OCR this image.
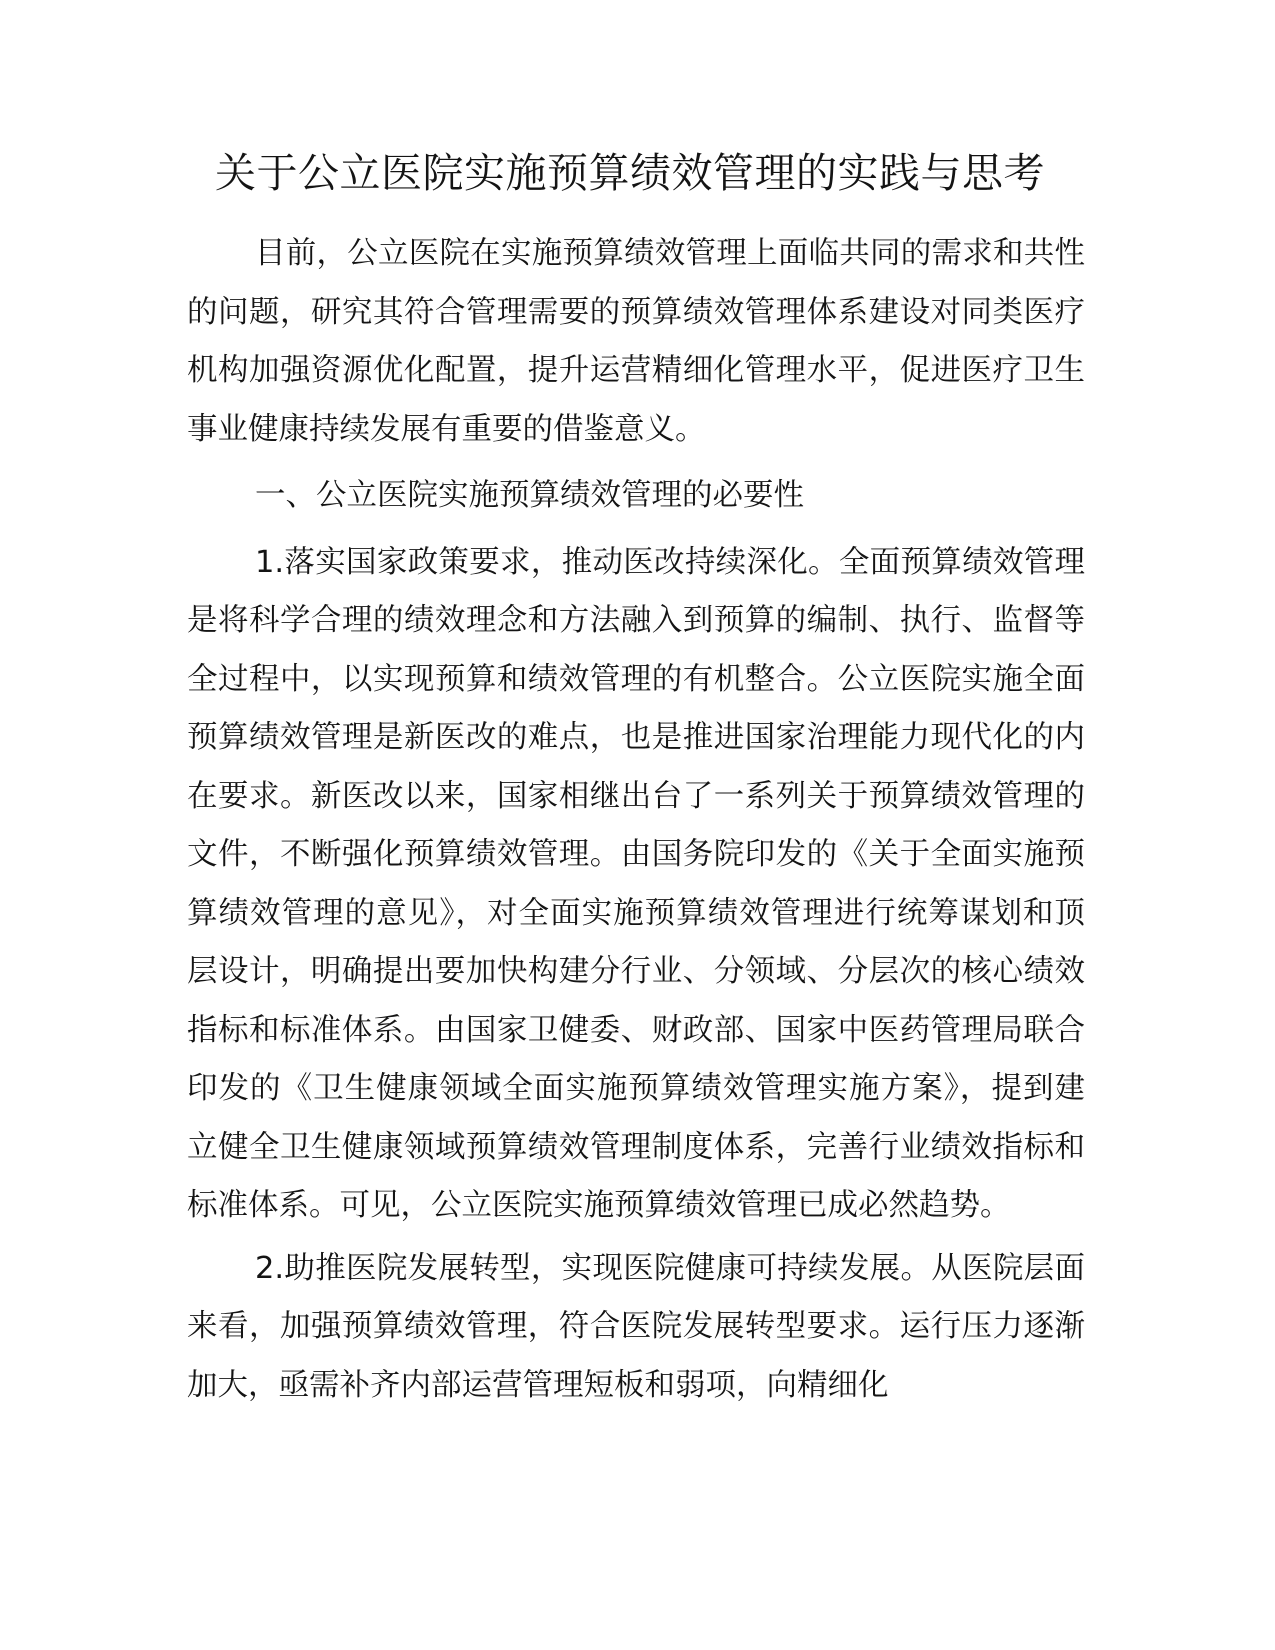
关于公立医院实施预算绩效管理的实践与思考

目前，公立医院在实施预算绩效管理上面临共同的需求和共性的问题，研究其符合管理需要的预算绩效管理体系建设对同类医疗机构加强资源优化配置，提升运营精细化管理水平，促进医疗卫生事业健康持续发展有重要的借鉴意义。

一、公立医院实施预算绩效管理的必要性

1.落实国家政策要求，推动医改持续深化。全面预算绩效管理是将科学合理的绩效理念和方法融入到预算的编制、执行、监督等全过程中，以实现预算和绩效管理的有机整合。公立医院实施全面预算绩效管理是新医改的难点，也是推进国家治理能力现代化的内在要求。新医改以来，国家相继出台了一系列关于预算绩效管理的文件，不断强化预算绩效管理。由国务院印发的《关于全面实施预算绩效管理的意见》，对全面实施预算绩效管理进行统筹谋划和顶层设计，明确提出要加快构建分行业、分领域、分层次的核心绩效指标和标准体系。由国家卫健委、财政部、国家中医药管理局联合印发的《卫生健康领域全面实施预算绩效管理实施方案》，提到建立健全卫生健康领域预算绩效管理制度体系，完善行业绩效指标和标准体系。可见，公立医院实施预算绩效管理已成必然趋势。

2.助推医院发展转型，实现医院健康可持续发展。从医院层面来看，加强预算绩效管理，符合医院发展转型要求。运行压力逐渐加大，亟需补齐内部运营管理短板和弱项，向精细化
